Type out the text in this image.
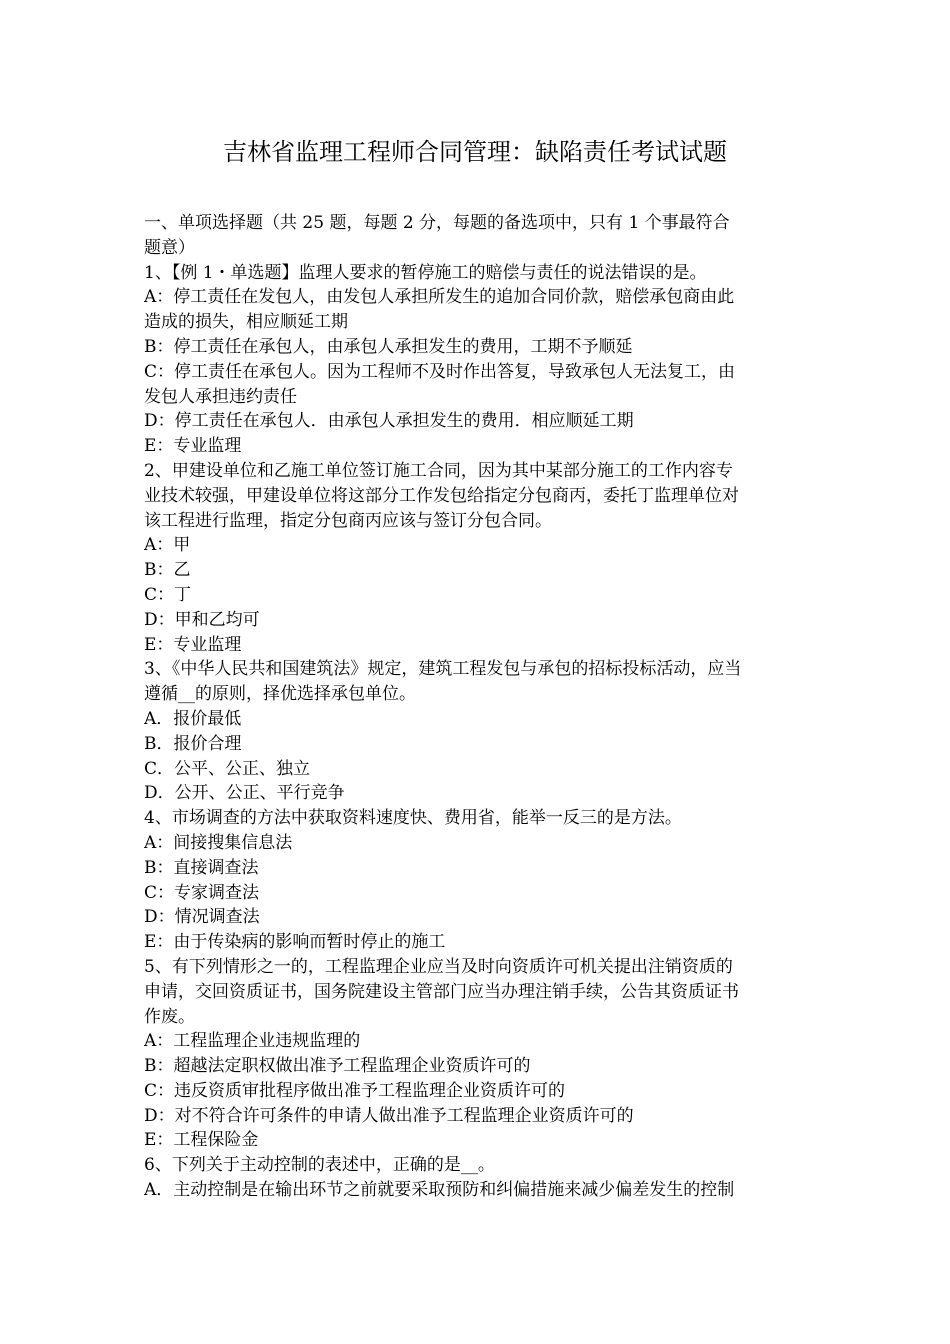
吉林省监理工程师合同管理：缺陷责任考试试题
一、单项选择题（共 25 题，每题 2 分，每题的备选项中，只有 1 个事最符合
题意）
1、【例 1・单选题】监理人要求的暂停施工的赔偿与责任的说法错误的是。
A：停工责任在发包人，由发包人承担所发生的追加合同价款，赔偿承包商由此
造成的损失，相应顺延工期
B：停工责任在承包人，由承包人承担发生的费用，工期不予顺延
C：停工责任在承包人。因为工程师不及时作出答复，导致承包人无法复工，由
发包人承担违约责任
D：停工责任在承包人．由承包人承担发生的费用．相应顺延工期
E：专业监理
2、甲建设单位和乙施工单位签订施工合同，因为其中某部分施工的工作内容专
业技术较强，甲建设单位将这部分工作发包给指定分包商丙，委托丁监理单位对
该工程进行监理，指定分包商丙应该与签订分包合同。
A：甲
B：乙
C：丁
D：甲和乙均可
E：专业监理
3、《中华人民共和国建筑法》规定，建筑工程发包与承包的招标投标活动，应当
遵循__的原则，择优选择承包单位。
A．报价最低
B．报价合理
C．公平、公正、独立
D．公开、公正、平行竞争
4、市场调查的方法中获取资料速度快、费用省，能举一反三的是方法。
A：间接搜集信息法
B：直接调查法
C：专家调查法
D：情况调查法
E：由于传染病的影响而暂时停止的施工
5、有下列情形之一的，工程监理企业应当及时向资质许可机关提出注销资质的
申请，交回资质证书，国务院建设主管部门应当办理注销手续，公告其资质证书
作废。
A：工程监理企业违规监理的
B：超越法定职权做出准予工程监理企业资质许可的
C：违反资质审批程序做出准予工程监理企业资质许可的
D：对不符合许可条件的申请人做出准予工程监理企业资质许可的
E：工程保险金
6、下列关于主动控制的表述中，正确的是__。
A．主动控制是在输出环节之前就要采取预防和纠偏措施来减少偏差发生的控制
